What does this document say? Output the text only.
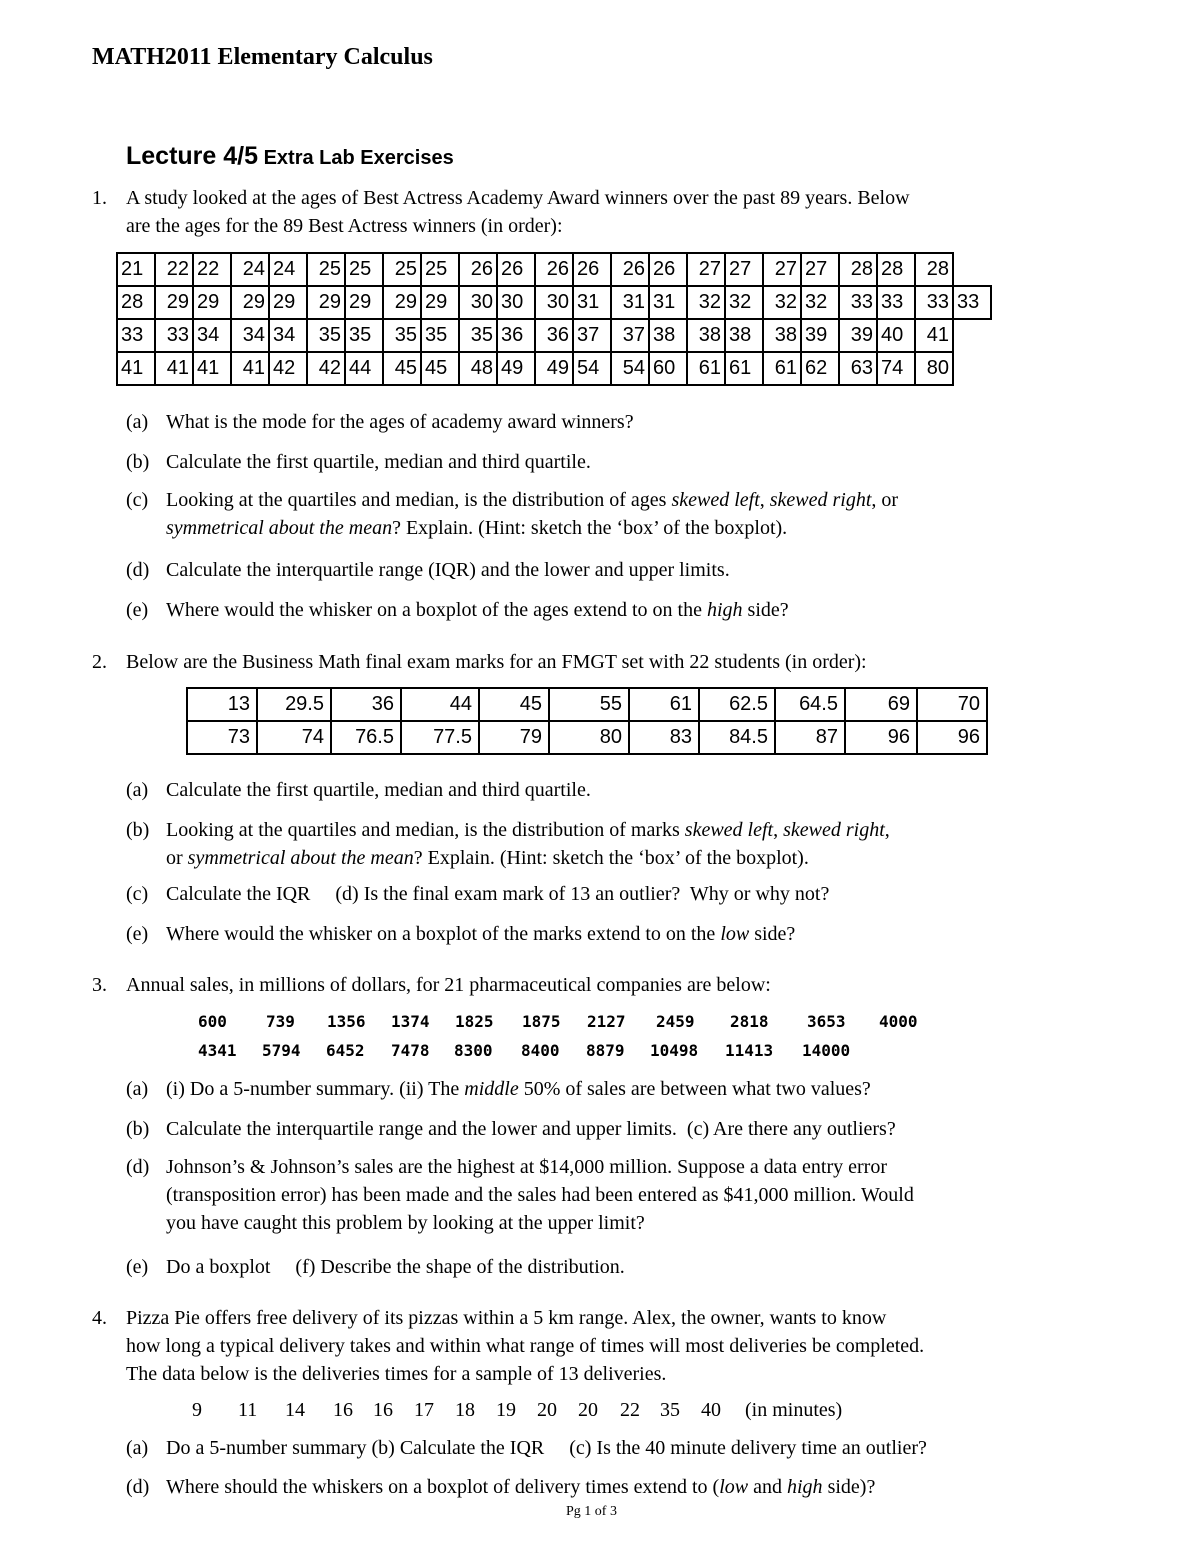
MATH2011 Elementary Calculus
Lecture 4/5 Extra Lab Exercises
1. A study looked at the ages of Best Actress Academy Award winners over the past 89 years. Below
are the ages for the 89 Best Actress winners (in order):
21	22	22	24	24	25	25	25	25	26	26	26	26	26	26	27	27	27	27	28	28	28	
28	29	29	29	29	29	29	29	29	30	30	30	31	31	31	32	32	32	32	33	33	33	33
33	33	34	34	34	35	35	35	35	35	36	36	37	37	38	38	38	38	39	39	40	41	
41	41	41	41	42	42	44	45	45	48	49	49	54	54	60	61	61	61	62	63	74	80	
(a) What is the mode for the ages of academy award winners?
(b) Calculate the first quartile, median and third quartile.
(c) Looking at the quartiles and median, is the distribution of ages skewed left, skewed right, or
symmetrical about the mean? Explain. (Hint: sketch the ‘box’ of the boxplot).
(d) Calculate the interquartile range (IQR) and the lower and upper limits.
(e) Where would the whisker on a boxplot of the ages extend to on the high side?
2. Below are the Business Math final exam marks for an FMGT set with 22 students (in order):
13	29.5	36	44	45	55	61	62.5	64.5	69	70
73	74	76.5	77.5	79	80	83	84.5	87	96	96
(a) Calculate the first quartile, median and third quartile.
(b) Looking at the quartiles and median, is the distribution of marks skewed left, skewed right,
or symmetrical about the mean? Explain. (Hint: sketch the ‘box’ of the boxplot).
(c) Calculate the IQR     (d) Is the final exam mark of 13 an outlier?  Why or why not?
(e) Where would the whisker on a boxplot of the marks extend to on the low side?
3. Annual sales, in millions of dollars, for 21 pharmaceutical companies are below:
600 739 1356 1374 1825 1875 2127 2459 2818 3653 4000
4341 5794 6452 7478 8300 8400 8879 10498 11413 14000
(a) (i) Do a 5-number summary. (ii) The middle 50% of sales are between what two values?
(b) Calculate the interquartile range and the lower and upper limits.  (c) Are there any outliers?
(d) Johnson’s & Johnson’s sales are the highest at $14,000 million. Suppose a data entry error
(transposition error) has been made and the sales had been entered as $41,000 million. Would
you have caught this problem by looking at the upper limit?
(e) Do a boxplot     (f) Describe the shape of the distribution.
4. Pizza Pie offers free delivery of its pizzas within a 5 km range. Alex, the owner, wants to know
how long a typical delivery takes and within what range of times will most deliveries be completed.
The data below is the deliveries times for a sample of 13 deliveries.
9 11 14 16 16 17 18 19 20 20 22 35 40 (in minutes)
(a) Do a 5-number summary (b) Calculate the IQR     (c) Is the 40 minute delivery time an outlier?
(d) Where should the whiskers on a boxplot of delivery times extend to (low and high side)?
Pg 1 of 3
